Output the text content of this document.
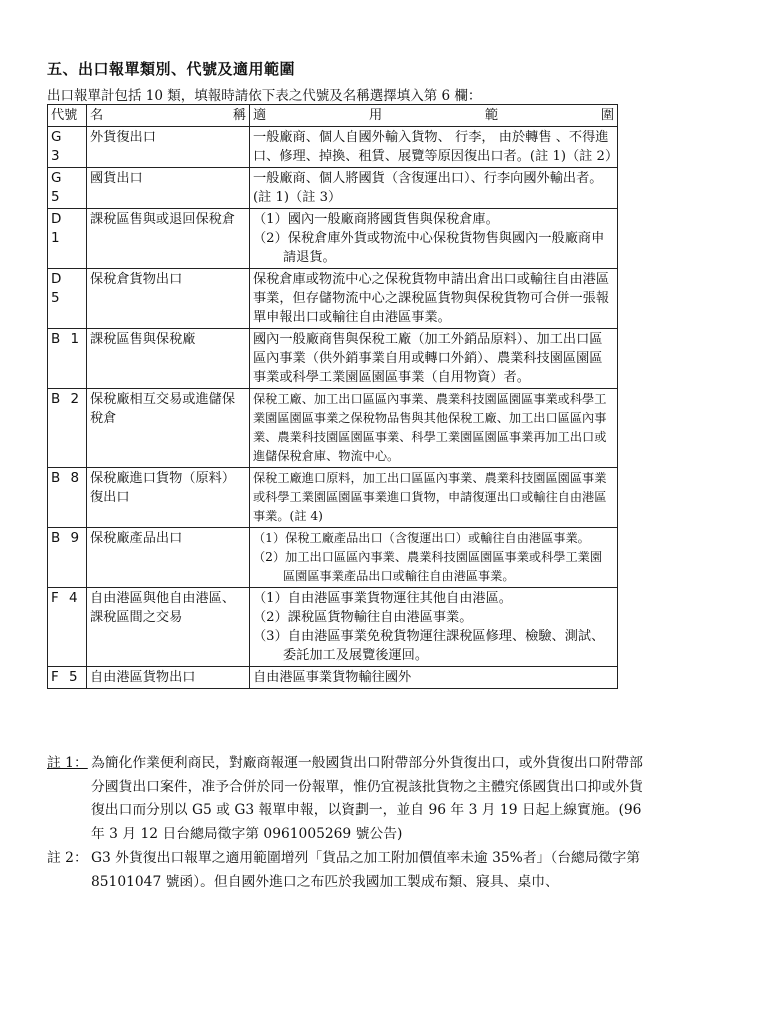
五、出口報單類別、代號及適用範圍
出口報單計包括 10 類，填報時請依下表之代號及名稱選擇填入第 6 欄：
代號	名 稱	適 用 範 圍

G 3	外貨復出口	一般廠商、個人自國外輸入貨物、 行李， 由於轉售 、不得進口、修理、掉換、租賃、展覽等原因復出口者。(註 1)（註 2）
G 5	國貨出口	一般廠商、個人將國貨（含復運出口）、行李向國外輸出者。(註 1)（註 3）
D 1	課稅區售與或退回保稅倉	（1）國內一般廠商將國貨售與保稅倉庫。
（2）保稅倉庫外貨或物流中心保稅貨物售與國內一般廠商申請退貨。

D 5	保稅倉貨物出口	保稅倉庫或物流中心之保稅貨物申請出倉出口或輸往自由港區事業，但存儲物流中心之課稅區貨物與保稅貨物可合併一張報單申報出口或輸往自由港區事業。
B 1	課稅區售與保稅廠	國內一般廠商售與保稅工廠（加工外銷品原料）、加工出口區區內事業（供外銷事業自用或轉口外銷）、農業科技園區園區事業或科學工業園區園區事業（自用物資）者。
B 2	保稅廠相互交易或進儲保稅倉	保稅工廠、加工出口區區內事業、農業科技園區園區事業或科學工業園區園區事業之保稅物品售與其他保稅工廠、加工出口區區內事業、農業科技園區園區事業、科學工業園區園區事業再加工出口或進儲保稅倉庫、物流中心。
B 8	保稅廠進口貨物（原料）復出口	保稅工廠進口原料，加工出口區區內事業、農業科技園區園區事業或科學工業園區園區事業進口貨物，申請復運出口或輸往自由港區事業。(註 4)
B 9	保稅廠產品出口	（1）保稅工廠產品出口（含復運出口）或輸往自由港區事業。
（2）加工出口區區內事業、農業科技園區園區事業或科學工業園區園區事業產品出口或輸往自由港區事業。

F 4	自由港區與他自由港區、課稅區間之交易	（1）自由港區事業貨物運往其他自由港區。
（2）課稅區貨物輸往自由港區事業。
（3）自由港區事業免稅貨物運往課稅區修理、檢驗、測試、委託加工及展覽後運回。

F 5	自由港區貨物出口	自由港區事業貨物輸往國外
註 1： 為簡化作業便利商民，對廠商報運一般國貨出口附帶部分外貨復出口，或外貨復出口附帶部分國貨出口案件，准予合併於同一份報單，惟仍宜視該批貨物之主體究係國貨出口抑或外貨復出口而分別以 G5 或 G3 報單申報，以資劃一，並自 96 年 3 月 19 日起上線實施。(96 年 3 月 12 日台總局徵字第 0961005269 號公告)
註 2： G3 外貨復出口報單之適用範圍增列「貨品之加工附加價值率未逾 35%者」（台總局徵字第 85101047 號函）。但自國外進口之布匹於我國加工製成布類、寢具、桌巾、
